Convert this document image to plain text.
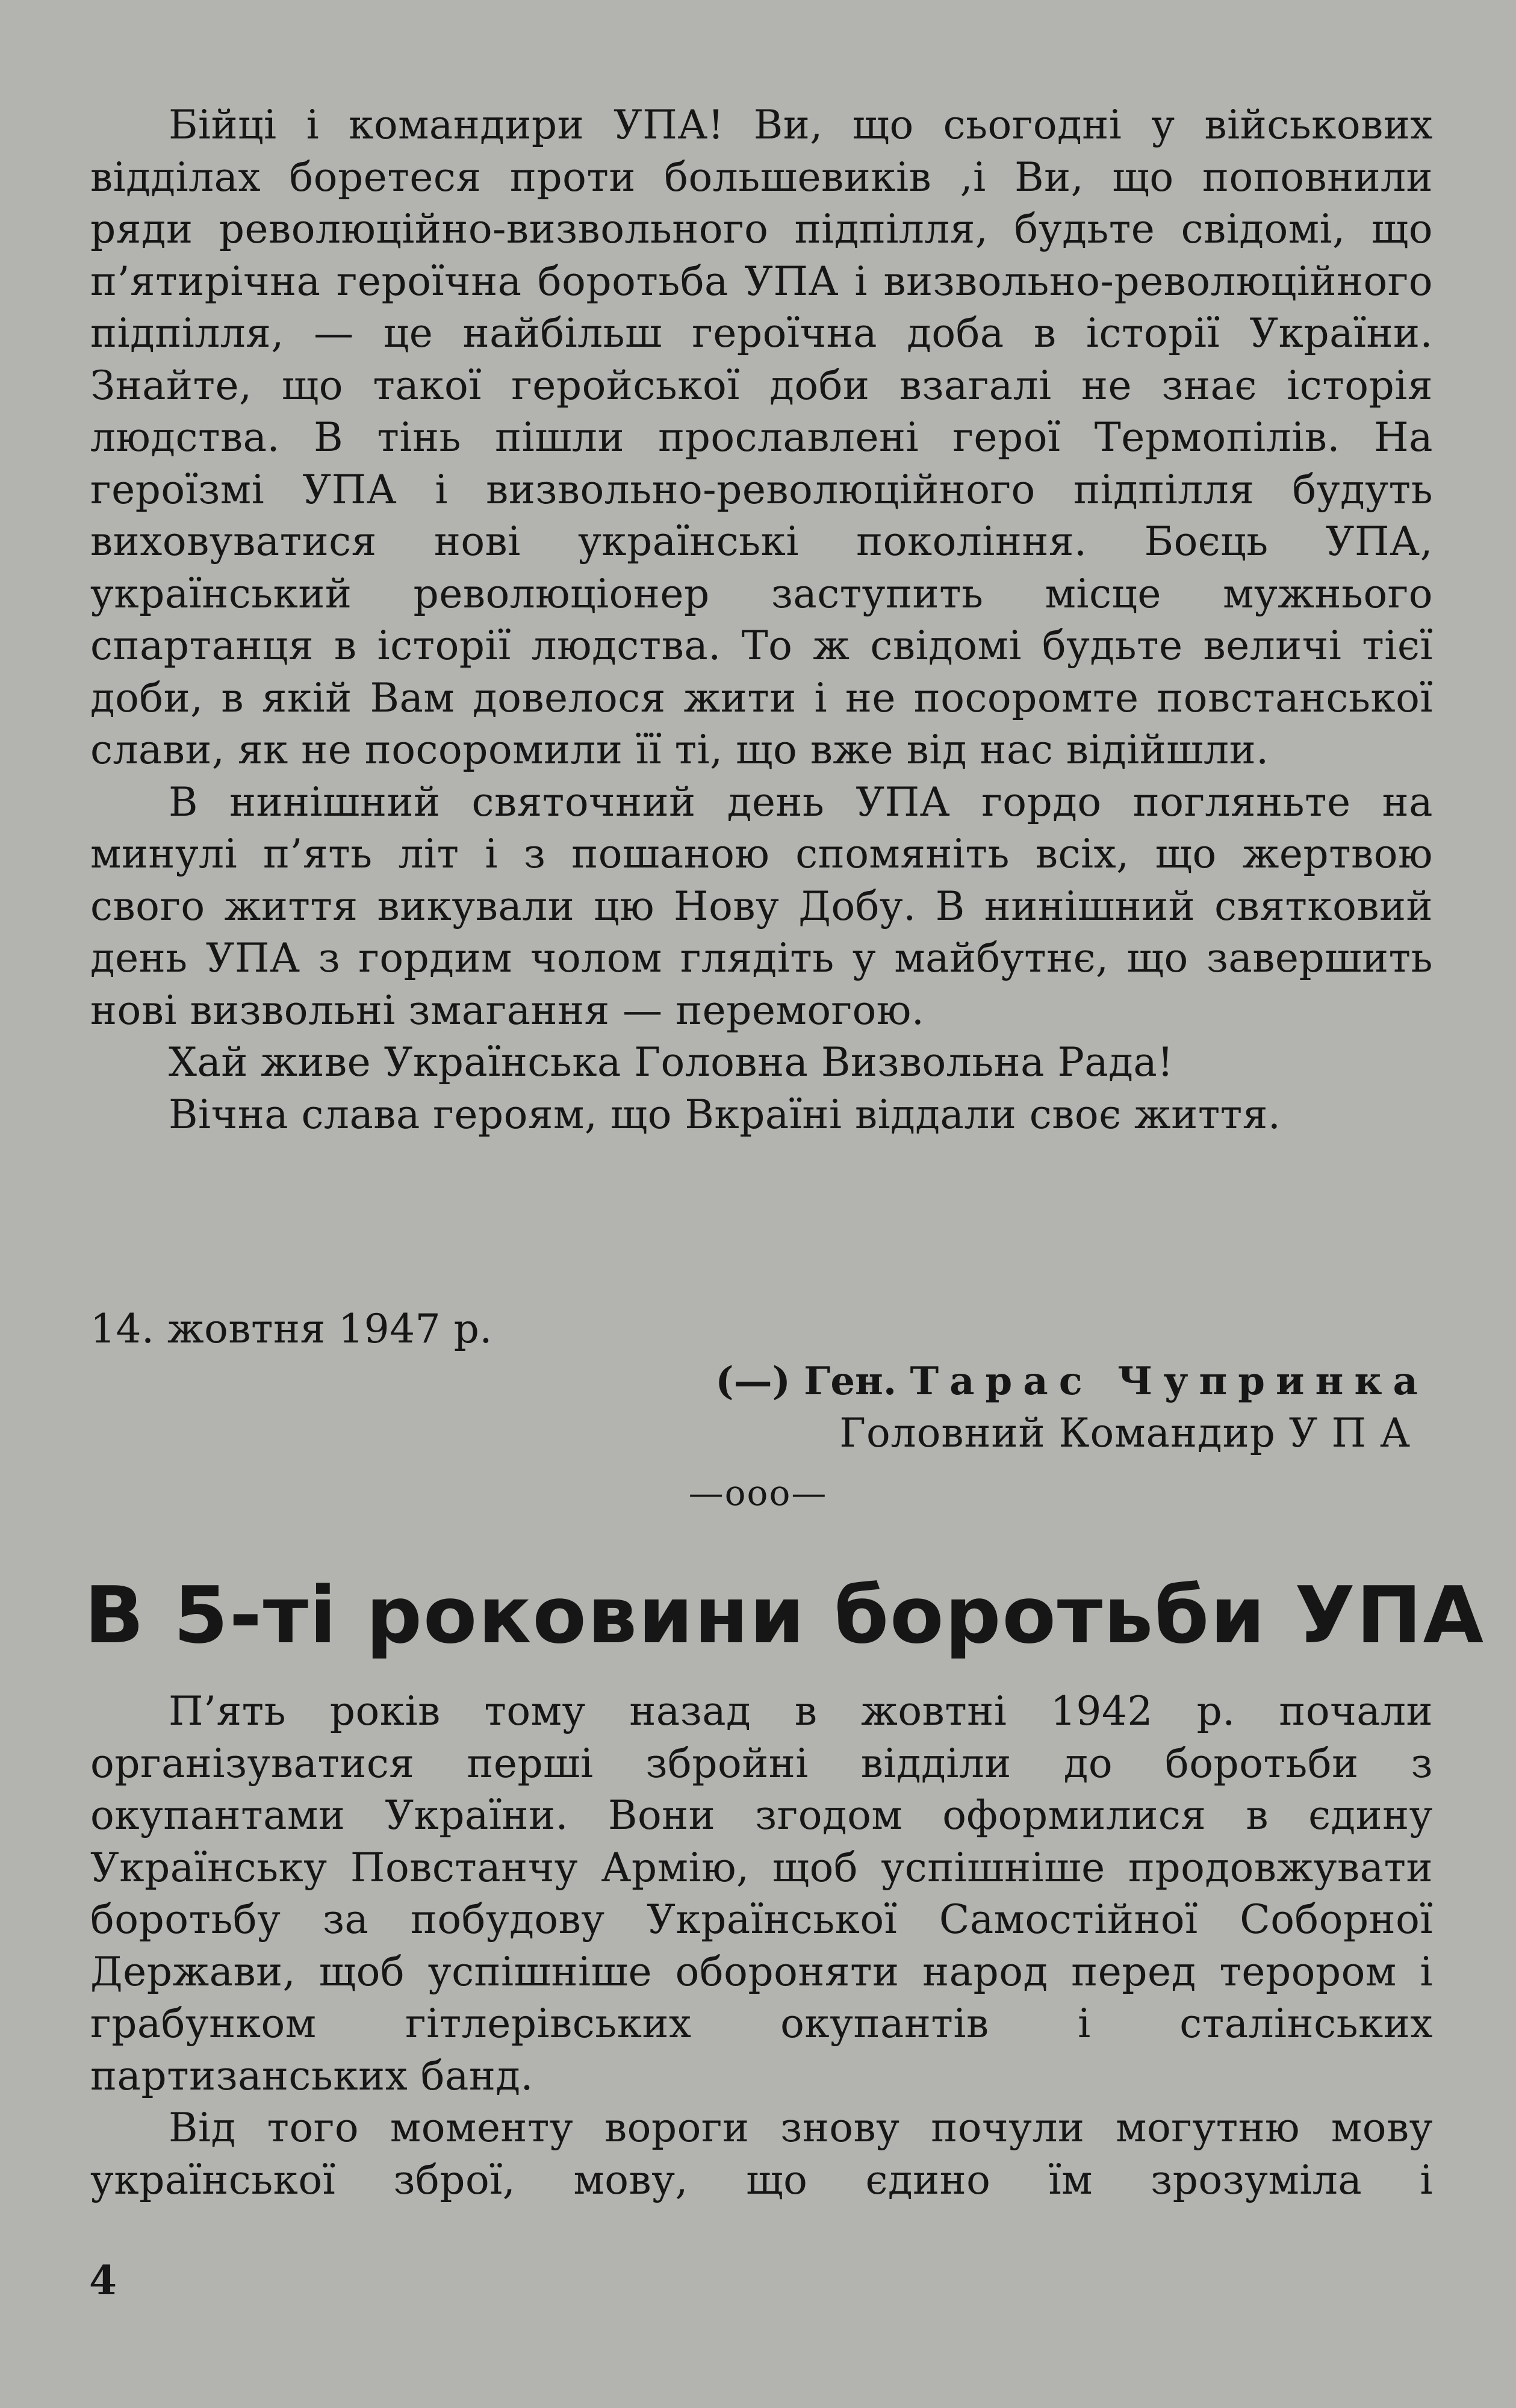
Бійці і командири УПА! Ви, що сьогодні у військових відділах боретеся проти большевиків ,і Ви, що поповнили ряди революційно-визвольного підпілля, будьте свідомі, що п’ятирічна героїчна боротьба УПА і визвольно-революційного підпілля, — це найбільш героїчна доба в історії України. Знайте, що такої геройської доби взагалі не знає історія людства. В тінь пішли прославлені герої Термопілів. На героїзмі УПА і визвольно-революційного підпілля будуть виховуватися нові українські покоління. Боєць УПА, український революціонер заступить місце мужнього спартанця в історії людства. То ж свідомі будьте величі тієї доби, в якій Вам довелося жити і не посоромте повстанської слави, як не посоромили її ті, що вже від нас відійшли.

В нинішний святочний день УПА гордо погляньте на минулі п’ять літ і з пошаною спомяніть всіх, що жертвою свого життя викували цю Нову Добу. В нинішний святковий день УПА з гордим чолом глядіть у майбутнє, що завершить нові визвольні змагання — перемогою.

Хай живе Українська Головна Визвольна Рада!

Вічна слава героям, що Вкраїні віддали своє життя.

14. жовтня 1947 р.
(—) Ген. Тарас Чупринка
Головний Командир У П А
—ооо—
В 5-ті роковини боротьби УПА

П’ять років тому назад в жовтні 1942 р. почали організуватися перші збройні відділи до боротьби з окупантами України. Вони згодом оформилися в єдину Українську Повстанчу Армію, щоб успішніше продовжувати боротьбу за побудову Української Самостійної Соборної Держави, щоб успішніше обороняти народ перед терором і грабунком гітлерівських окупантів і сталінських партизанських банд.

Від того моменту вороги знову почули могутню мову української зброї, мову, що єдино їм зрозуміла і

4
